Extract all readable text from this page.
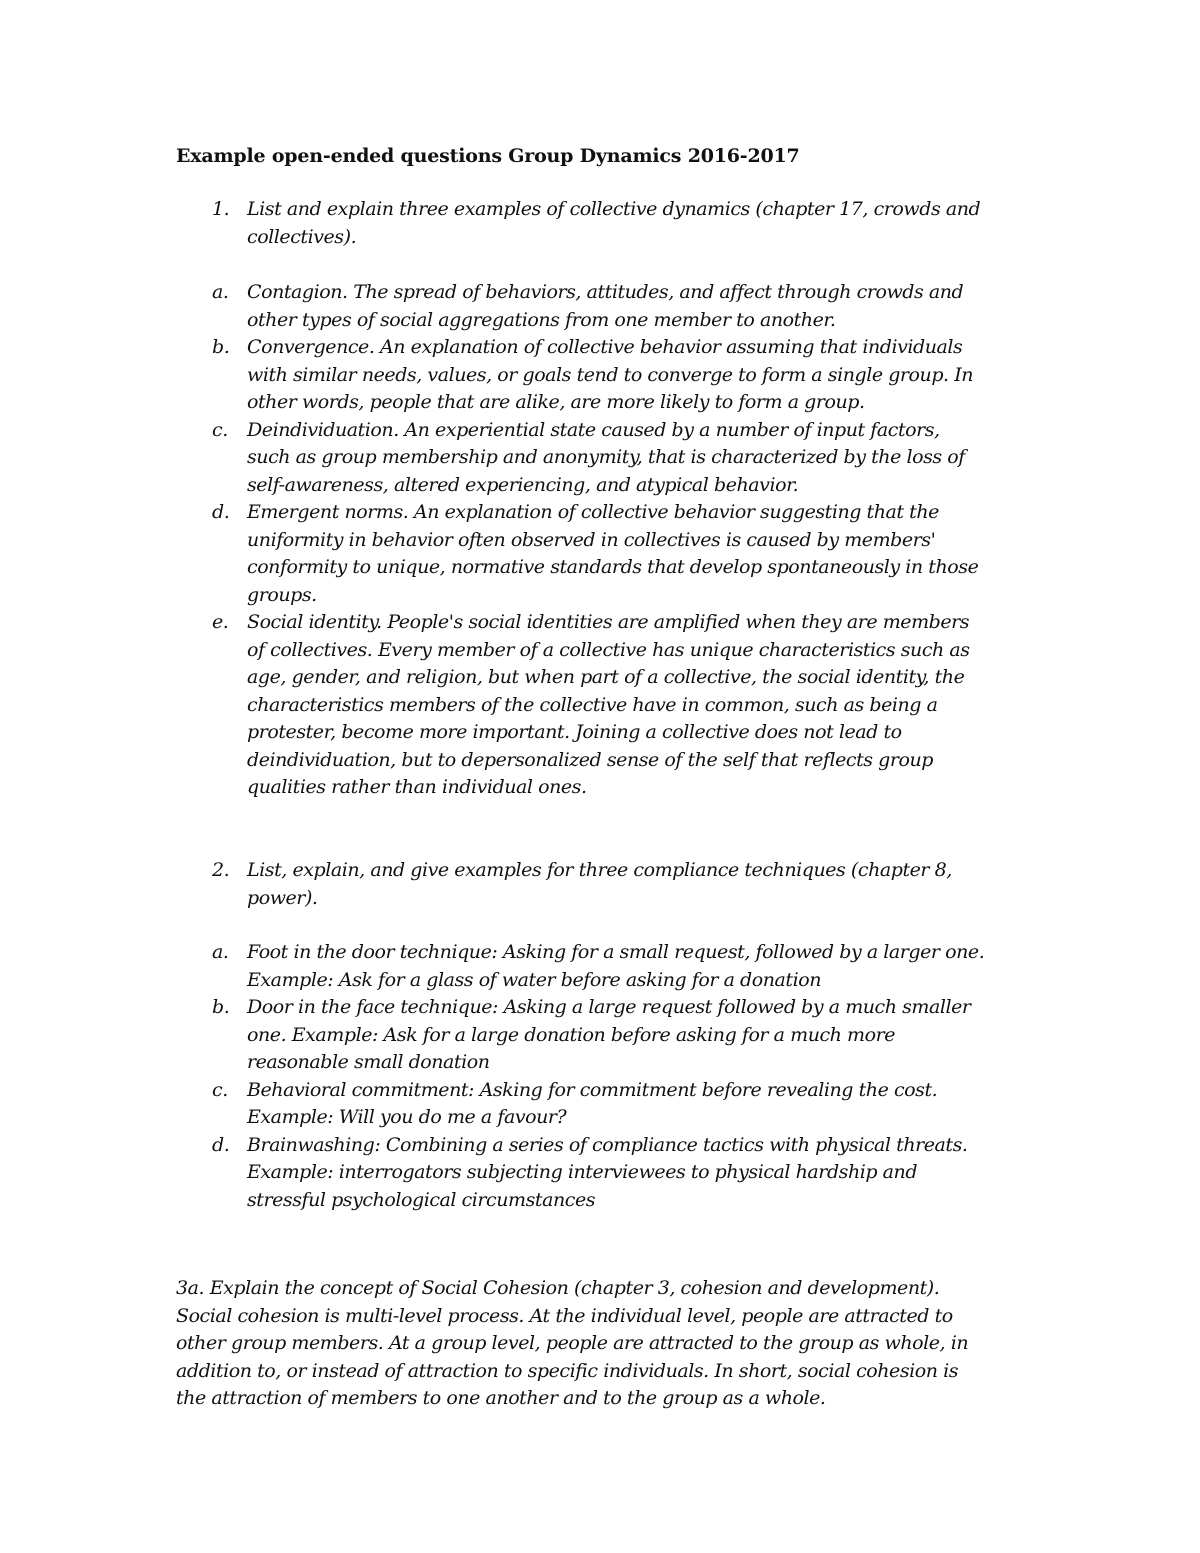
Example open-ended questions Group Dynamics 2016-2017
1. List and explain three examples of collective dynamics (chapter 17, crowds and
collectives).
a. Contagion. The spread of behaviors, attitudes, and affect through crowds and
other types of social aggregations from one member to another.
b. Convergence. An explanation of collective behavior assuming that individuals
with similar needs, values, or goals tend to converge to form a single group. In
other words, people that are alike, are more likely to form a group.
c.	Deindividuation. An experiential state caused by a number of input factors,
such as group membership and anonymity, that is characterized by the loss of
self-awareness, altered experiencing, and atypical behavior.
d. Emergent norms. An explanation of collective behavior suggesting that the
uniformity in behavior often observed in collectives is caused by members'
conformity to unique, normative standards that develop spontaneously in those
groups.
e. Social identity. People's social identities are amplified when they are members
of collectives. Every member of a collective has unique characteristics such as
age, gender, and religion, but when part of a collective, the social identity, the
characteristics members of the collective have in common, such as being a
protester, become more important. Joining a collective does not lead to
deindividuation, but to depersonalized sense of the self that reflects group
qualities rather than individual ones.
2. List, explain, and give examples for three compliance techniques (chapter 8,
power).
a. Foot in the door technique: Asking for a small request, followed by a larger one.
Example: Ask for a glass of water before asking for a donation
b. Door in the face technique: Asking a large request followed by a much smaller
one. Example: Ask for a large donation before asking for a much more
reasonable small donation
c.	Behavioral commitment: Asking for commitment before revealing the cost.
Example: Will you do me a favour?
d. Brainwashing: Combining a series of compliance tactics with physical threats.
Example: interrogators subjecting interviewees to physical hardship and
stressful psychological circumstances
3a. Explain the concept of Social Cohesion (chapter 3, cohesion and development).
Social cohesion is multi-level process. At the individual level, people are attracted to
other group members. At a group level, people are attracted to the group as whole, in
addition to, or instead of attraction to specific individuals. In short, social cohesion is
the attraction of members to one another and to the group as a whole.
